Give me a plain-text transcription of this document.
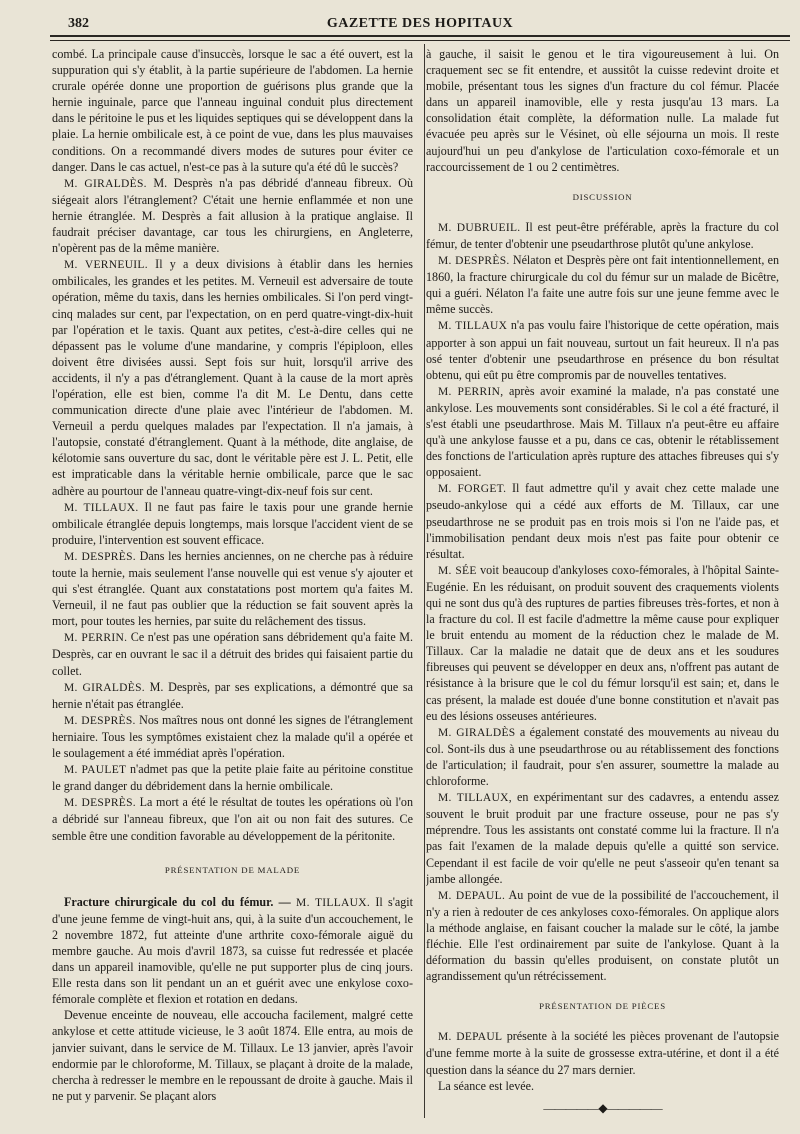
382	GAZETTE DES HOPITAUX

combé. La principale cause d'insuccès, lorsque le sac a été ouvert, est la suppuration qui s'y établit, à la partie supérieure de l'abdomen. La hernie crurale opérée donne une proportion de guérisons plus grande que la hernie inguinale, parce que l'anneau inguinal conduit plus directement dans le péritoine le pus et les liquides septiques qui se développent dans la plaie. La hernie ombilicale est, à ce point de vue, dans les plus mauvaises conditions. On a recommandé divers modes de sutures pour éviter ce danger. Dans le cas actuel, n'est-ce pas à la suture qu'a été dû le succès?

M. GIRALDÈS. M. Desprès n'a pas débridé d'anneau fibreux. Où siégeait alors l'étranglement? C'était une hernie enflammée et non une hernie étranglée. M. Desprès a fait allusion à la pratique anglaise. Il faudrait préciser davantage, car tous les chirurgiens, en Angleterre, n'opèrent pas de la même manière.

M. VERNEUIL. Il y a deux divisions à établir dans les hernies ombilicales, les grandes et les petites. M. Verneuil est adversaire de toute opération, même du taxis, dans les hernies ombilicales. Si l'on perd vingt-cinq malades sur cent, par l'expectation, on en perd quatre-vingt-dix-huit par l'opération et le taxis. Quant aux petites, c'est-à-dire celles qui ne dépassent pas le volume d'une mandarine, y compris l'épiploon, elles doivent être divisées aussi. Sept fois sur huit, lorsqu'il arrive des accidents, il n'y a pas d'étranglement. Quant à la cause de la mort après l'opération, elle est bien, comme l'a dit M. Le Dentu, dans cette communication directe d'une plaie avec l'intérieur de l'abdomen. M. Verneuil a perdu quelques malades par l'expectation. Il n'a jamais, à l'autopsie, constaté d'étranglement. Quant à la méthode, dite anglaise, de kélotomie sans ouverture du sac, dont le véritable père est J. L. Petit, elle est impraticable dans la véritable hernie ombilicale, parce que le sac adhère au pourtour de l'anneau quatre-vingt-dix-neuf fois sur cent.

M. TILLAUX. Il ne faut pas faire le taxis pour une grande hernie ombilicale étranglée depuis longtemps, mais lorsque l'accident vient de se produire, l'intervention est souvent efficace.

M. DESPRÈS. Dans les hernies anciennes, on ne cherche pas à réduire toute la hernie, mais seulement l'anse nouvelle qui est venue s'y ajouter et qui s'est étranglée. Quant aux constatations post mortem qu'a faites M. Verneuil, il ne faut pas oublier que la réduction se fait souvent après la mort, pour toutes les hernies, par suite du relâchement des tissus.

M. PERRIN. Ce n'est pas une opération sans débridement qu'a faite M. Desprès, car en ouvrant le sac il a détruit des brides qui faisaient partie du collet.

M. GIRALDÈS. M. Desprès, par ses explications, a démontré que sa hernie n'était pas étranglée.

M. DESPRÈS. Nos maîtres nous ont donné les signes de l'étranglement herniaire. Tous les symptômes existaient chez la malade qu'il a opérée et le soulagement a été immédiat après l'opération.

M. PAULET n'admet pas que la petite plaie faite au péritoine constitue le grand danger du débridement dans la hernie ombilicale.

M. DESPRÈS. La mort a été le résultat de toutes les opérations où l'on a débridé sur l'anneau fibreux, que l'on ait ou non fait des sutures. Ce semble être une condition favorable au développement de la péritonite.

PRÉSENTATION DE MALADE

Fracture chirurgicale du col du fémur. — M. TILLAUX. Il s'agit d'une jeune femme de vingt-huit ans, qui, à la suite d'un accouchement, le 2 novembre 1872, fut atteinte d'une arthrite coxo-fémorale aiguë du membre gauche. Au mois d'avril 1873, sa cuisse fut redressée et placée dans un appareil inamovible, qu'elle ne put supporter plus de cinq jours. Elle resta dans son lit pendant un an et guérit avec une enkylose coxo-fémorale complète et flexion et rotation en dedans.

Devenue enceinte de nouveau, elle accoucha facilement, malgré cette ankylose et cette attitude vicieuse, le 3 août 1874. Elle entra, au mois de janvier suivant, dans le service de M. Tillaux. Le 13 janvier, après l'avoir endormie par le chloroforme, M. Tillaux, se plaçant à droite de la malade, chercha à redresser le membre en le repoussant de droite à gauche. Mais il ne put y parvenir. Se plaçant alors

à gauche, il saisit le genou et le tira vigoureusement à lui. On craquement sec se fit entendre, et aussitôt la cuisse redevint droite et mobile, présentant tous les signes d'un fracture du col fémur. Placée dans un appareil inamovible, elle y resta jusqu'au 13 mars. La consolidation était complète, la déformation nulle. La malade fut évacuée peu après sur le Vésinet, où elle séjourna un mois. Il reste aujourd'hui un peu d'ankylose de l'articulation coxo-fémorale et un raccourcissement de 1 ou 2 centimètres.

DISCUSSION

M. DUBRUEIL. Il est peut-être préférable, après la fracture du col fémur, de tenter d'obtenir une pseudarthrose plutôt qu'une ankylose.

M. DESPRÈS. Nélaton et Desprès père ont fait intentionnellement, en 1860, la fracture chirurgicale du col du fémur sur un malade de Bicêtre, qui a guéri. Nélaton l'a faite une autre fois sur une jeune femme avec le même succès.

M. TILLAUX n'a pas voulu faire l'historique de cette opération, mais apporter à son appui un fait nouveau, surtout un fait heureux. Il n'a pas osé tenter d'obtenir une pseudarthrose en présence du bon résultat obtenu, qui eût pu être compromis par de nouvelles tentatives.

M. PERRIN, après avoir examiné la malade, n'a pas constaté une ankylose. Les mouvements sont considérables. Si le col a été fracturé, il s'est établi une pseudarthrose. Mais M. Tillaux n'a peut-être eu affaire qu'à une ankylose fausse et a pu, dans ce cas, obtenir le rétablissement des fonctions de l'articulation après rupture des attaches fibreuses qui s'y opposaient.

M. FORGET. Il faut admettre qu'il y avait chez cette malade une pseudo-ankylose qui a cédé aux efforts de M. Tillaux, car une pseudarthrose ne se produit pas en trois mois si l'on ne l'aide pas, et l'immobilisation pendant deux mois n'est pas faite pour obtenir ce résultat.

M. SÉE voit beaucoup d'ankyloses coxo-fémorales, à l'hôpital Sainte-Eugénie. En les réduisant, on produit souvent des craquements violents qui ne sont dus qu'à des ruptures de parties fibreuses très-fortes, et non à la fracture du col. Il est facile d'admettre la même cause pour expliquer le bruit entendu au moment de la réduction chez le malade de M. Tillaux. Car la maladie ne datait que de deux ans et les soudures fibreuses qui peuvent se développer en deux ans, n'offrent pas autant de résistance à la brisure que le col du fémur lorsqu'il est sain; et, dans le cas présent, la malade est douée d'une bonne constitution et n'avait pas eu des lésions osseuses antérieures.

M. GIRALDÈS a également constaté des mouvements au niveau du col. Sont-ils dus à une pseudarthrose ou au rétablissement des fonctions de l'articulation; il faudrait, pour s'en assurer, soumettre la malade au chloroforme.

M. TILLAUX, en expérimentant sur des cadavres, a entendu assez souvent le bruit produit par une fracture osseuse, pour ne pas s'y méprendre. Tous les assistants ont constaté comme lui la fracture. Il n'a pas fait l'examen de la malade depuis qu'elle a quitté son service. Cependant il est facile de voir qu'elle ne peut s'asseoir qu'en tenant sa jambe allongée.

M. DEPAUL. Au point de vue de la possibilité de l'accouchement, il n'y a rien à redouter de ces ankyloses coxo-fémorales. On applique alors la méthode anglaise, en faisant coucher la malade sur le côté, la jambe fléchie. Elle l'est ordinairement par suite de l'ankylose. Quant à la déformation du bassin qu'elles produisent, on constate plutôt un agrandissement qu'un rétrécissement.

PRÉSENTATION DE PIÈCES

M. DEPAUL présente à la société les pièces provenant de l'autopsie d'une femme morte à la suite de grossesse extra-utérine, et dont il a été question dans la séance du 27 mars dernier.

La séance est levée.

—————◆—————
